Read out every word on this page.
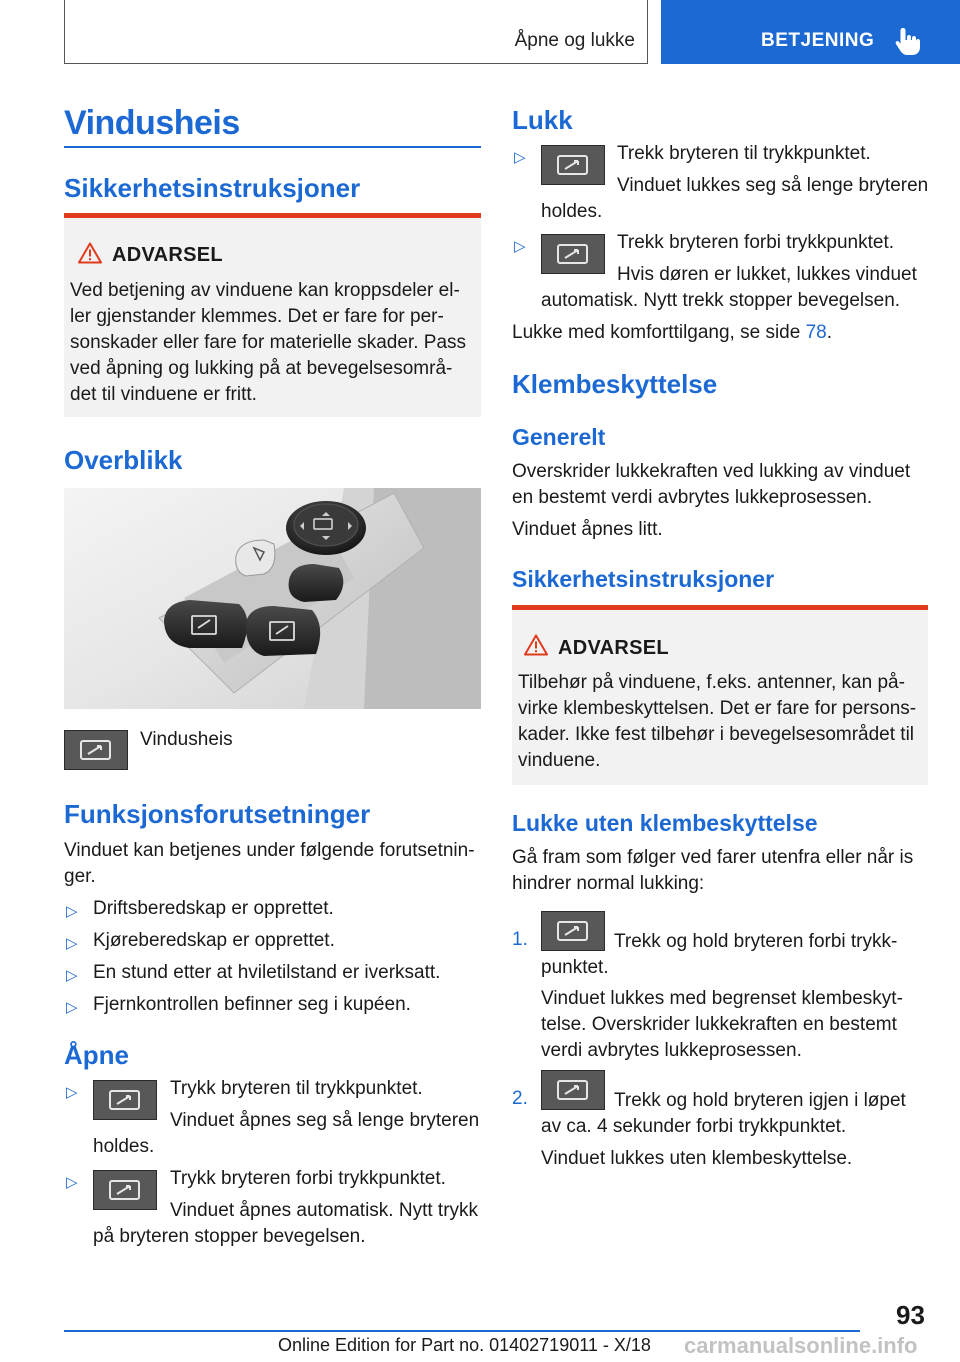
Åpne og lukke	BETJENING
Vindusheis
Sikkerhetsinstruksjoner
ADVARSEL

Ved betjening av vinduene kan kroppsdeler el-

ler gjenstander klemmes. Det er fare for per-

sonskader eller fare for materielle skader. Pass

ved åpning og lukking på at bevegelsesområ-

det til vinduene er fritt.

Overblikk

Vindusheis

Funksjonsforutsetninger

Vinduet kan betjenes under følgende forutsetnin-

ger.

▷ Driftsberedskap er opprettet.

▷ Kjøreberedskap er opprettet.

▷ En stund etter at hviletilstand er iverksatt.

▷ Fjernkontrollen befinner seg i kupéen.

Åpne
▷	Trykk bryteren til trykkpunktet.

Vinduet åpnes seg så lenge bryteren

holdes.

▷	Trykk bryteren forbi trykkpunktet.

Vinduet åpnes automatisk. Nytt trykk

på bryteren stopper bevegelsen.

Lukk
▷	Trekk bryteren til trykkpunktet.

Vinduet lukkes seg så lenge bryteren

holdes.

▷	Trekk bryteren forbi trykkpunktet.

Hvis døren er lukket, lukkes vinduet

automatisk. Nytt trekk stopper bevegelsen.

Lukke med komforttilgang, se side 78.

Klembeskyttelse
Generelt

Overskrider lukkekraften ved lukking av vinduet

en bestemt verdi avbrytes lukkeprosessen.

Vinduet åpnes litt.

Sikkerhetsinstruksjoner
ADVARSEL

Tilbehør på vinduene, f.eks. antenner, kan på-

virke klembeskyttelsen. Det er fare for persons-

kader. Ikke fest tilbehør i bevegelsesområdet til

vinduene.

Lukke uten klembeskyttelse

Gå fram som følger ved farer utenfra eller når is

hindrer normal lukking:

1.	Trekk og hold bryteren forbi trykk-

punktet.

Vinduet lukkes med begrenset klembeskyt-

telse. Overskrider lukkekraften en bestemt

verdi avbrytes lukkeprosessen.

2.	Trekk og hold bryteren igjen i løpet

av ca. 4 sekunder forbi trykkpunktet.

Vinduet lukkes uten klembeskyttelse.

93
Online Edition for Part no. 01402719011 - X/18 carmanualsonline.info
